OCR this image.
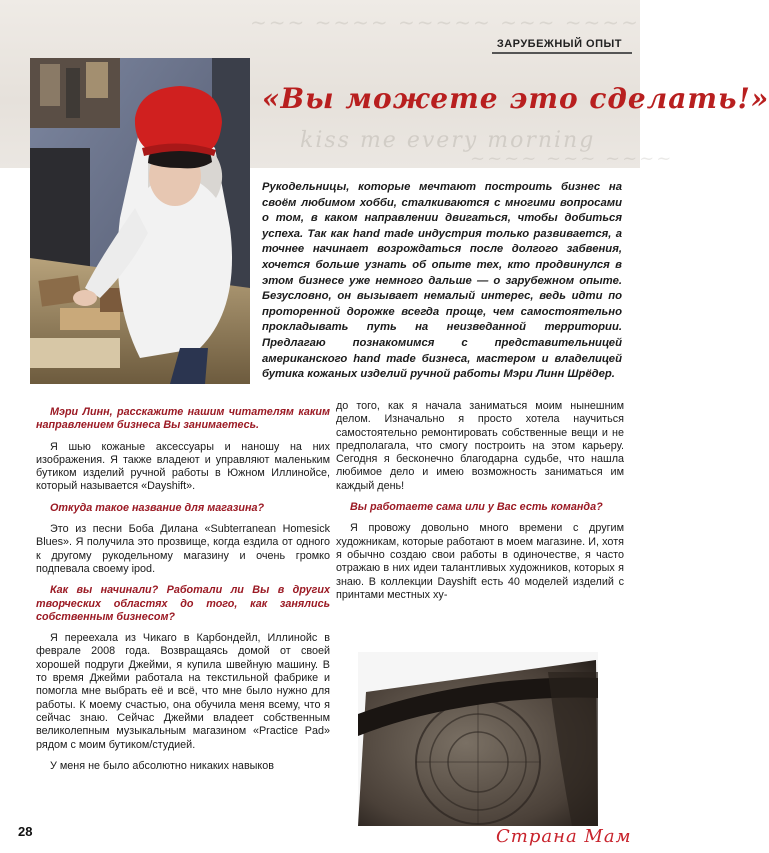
kiss me every morning
~~~ ~~~~ ~~~~~ ~~~ ~~~~
~~~~ ~~~ ~~~~
ЗАРУБЕЖНЫЙ ОПЫТ
«Вы можете это сделать!»
Рукодельницы, которые мечтают построить бизнес на своём любимом хобби, сталкиваются с многими вопросами о том, в каком направлении двигаться, чтобы добиться успеха. Так как hand made индустрия только развивается, а точнее начинает возрождаться после долгого забвения, хочется больше узнать об опыте тех, кто продвинулся в этом бизнесе уже немного дальше — о зарубежном опыте. Безусловно, он вызывает немалый интерес, ведь идти по проторенной дорожке всегда проще, чем самостоятельно прокладывать путь на неизведанной территории. Предлагаю познакомимся с представительницей американского hand made бизнеса, мастером и владелицей бутика кожаных изделий ручной работы Мэри Линн Шрёдер.

Мэри Линн, расскажите нашим читателям каким направлением бизнеса Вы занимаетесь.

Я шью кожаные аксессуары и наношу на них изображения. Я также владеют и управляют маленьким бутиком изделий ручной работы в Южном Иллинойсе, который называется «Dayshift».

Откуда такое название для магазина?

Это из песни Боба Дилана «Subterranean Homesick Blues». Я получила это прозвище, когда ездила от одного к другому рукодельному магазину и очень громко подпевала своему ipod.

Как вы начинали? Работали ли Вы в других творческих областях до того, как занялись собственным бизнесом?

Я переехала из Чикаго в Карбондейл, Иллинойс в феврале 2008 года. Возвращаясь домой от своей хорошей подруги Джейми, я купила швейную машину. В то время Джейми работала на текстильной фабрике и помогла мне выбрать её и всё, что мне было нужно для работы. К моему счастью, она обучила меня всему, что я сейчас знаю. Сейчас Джейми владеет собственным великолепным музыкальным магазином «Practice Pad» рядом с моим бутиком/студией.

У меня не было абсолютно никаких навыков

до того, как я начала заниматься моим нынешним делом. Изначально я просто хотела научиться самостоятельно ремонтировать собственные вещи и не предполагала, что смогу построить на этом карьеру. Сегодня я бесконечно благодарна судьбе, что нашла любимое дело и имею возможность заниматься им каждый день!

Вы работаете сама или у Вас есть команда?

Я провожу довольно много времени с другим художникам, которые работают в моем магазине. И, хотя я обычно создаю свои работы в одиночестве, я часто отражаю в них идеи талантливых художников, которых я знаю. В коллекции Dayshift есть 40 моделей изделий с принтами местных ху-

28	Страна Мам
